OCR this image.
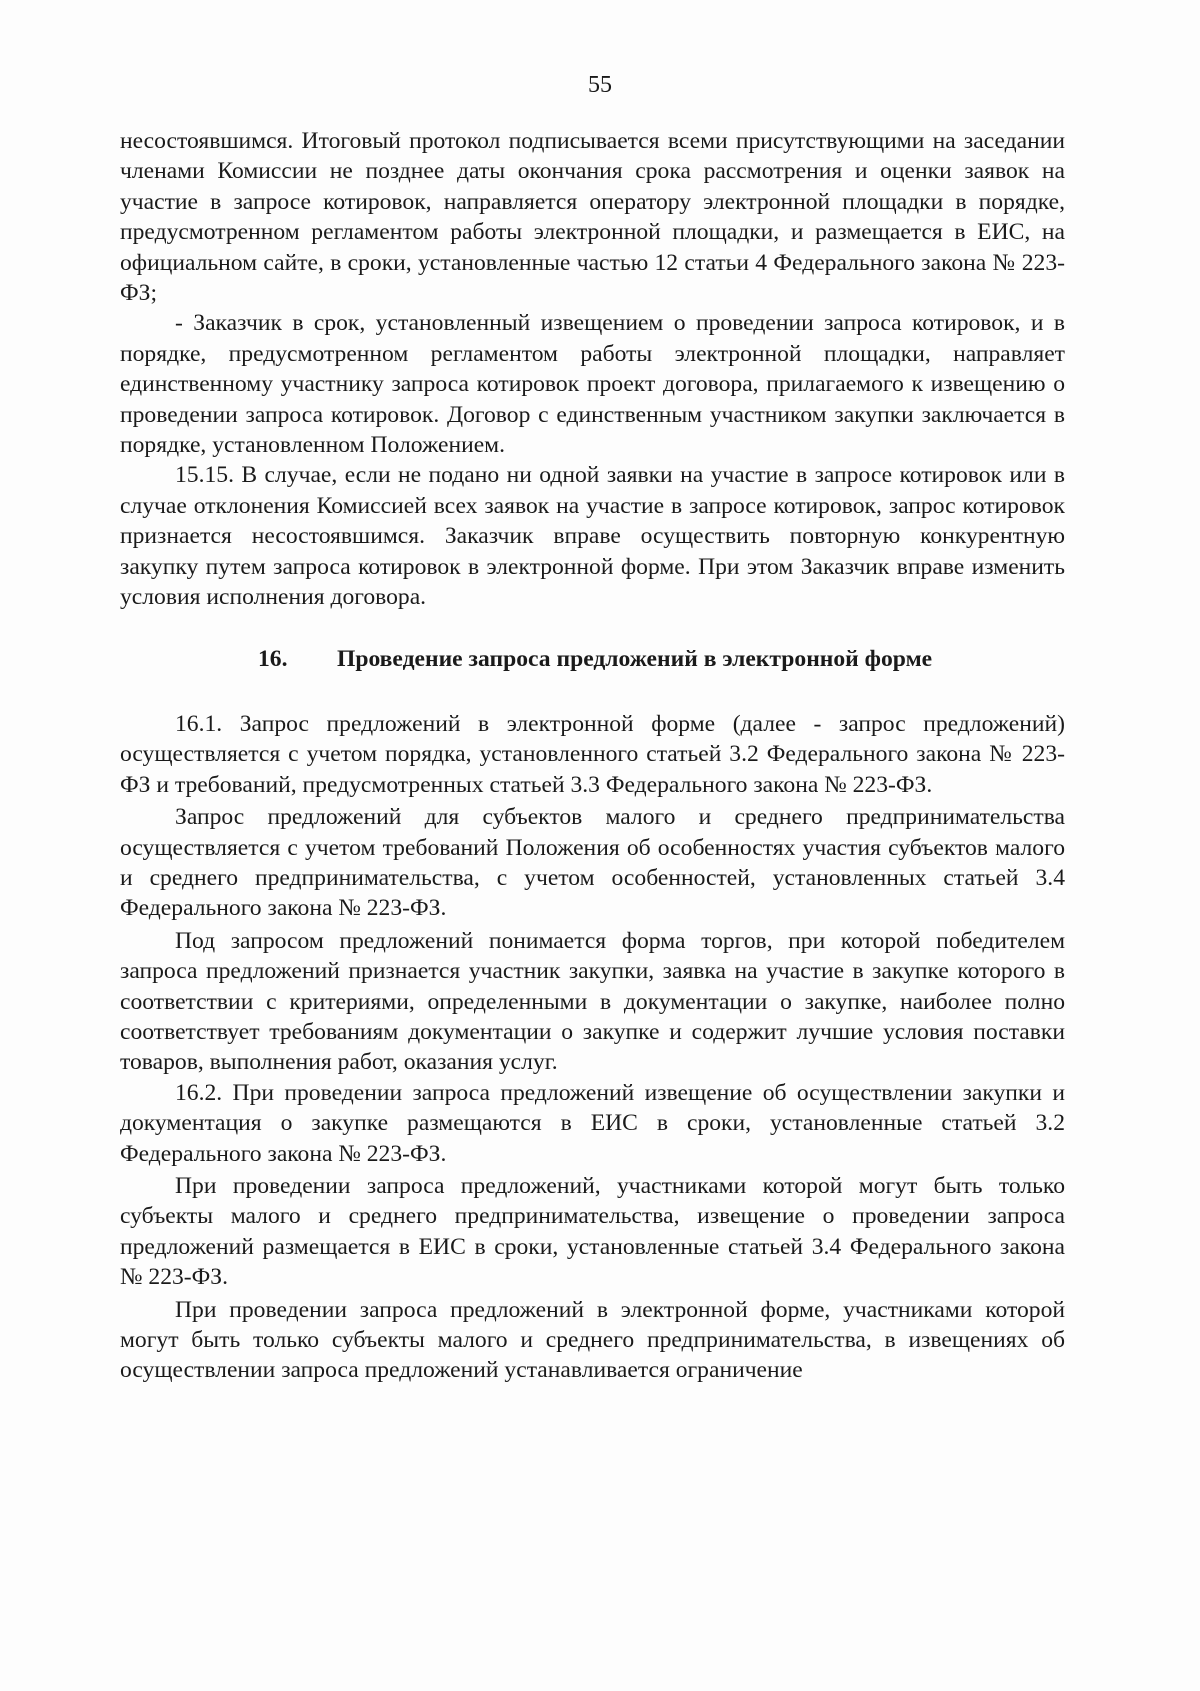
55

несостоявшимся. Итоговый протокол подписывается всеми присутствующими на заседании членами Комиссии не позднее даты окончания срока рассмотрения и оценки заявок на участие в запросе котировок, направляется оператору электронной площадки в порядке, предусмотренном регламентом работы электронной площадки, и размещается в ЕИС, на официальном сайте, в сроки, установленные частью 12 статьи 4 Федерального закона № 223-ФЗ;

- Заказчик в срок, установленный извещением о проведении запроса котировок, и в порядке, предусмотренном регламентом работы электронной площадки, направляет единственному участнику запроса котировок проект договора, прилагаемого к извещению о проведении запроса котировок. Договор с единственным участником закупки заключается в порядке, установленном Положением.

15.15. В случае, если не подано ни одной заявки на участие в запросе котировок или в случае отклонения Комиссией всех заявок на участие в запросе котировок, запрос котировок признается несостоявшимся. Заказчик вправе осуществить повторную конкурентную закупку путем запроса котировок в электронной форме. При этом Заказчик вправе изменить условия исполнения договора.

16.	Проведение запроса предложений в электронной форме

16.1. Запрос предложений в электронной форме (далее - запрос предложений) осуществляется с учетом порядка, установленного статьей 3.2 Федерального закона № 223-ФЗ и требований, предусмотренных статьей 3.3 Федерального закона № 223-ФЗ.

Запрос предложений для субъектов малого и среднего предпринимательства осуществляется с учетом требований Положения об особенностях участия субъектов малого и среднего предпринимательства, с учетом особенностей, установленных статьей 3.4 Федерального закона № 223-ФЗ.

Под запросом предложений понимается форма торгов, при которой победителем запроса предложений признается участник закупки, заявка на участие в закупке которого в соответствии с критериями, определенными в документации о закупке, наиболее полно соответствует требованиям документации о закупке и содержит лучшие условия поставки товаров, выполнения работ, оказания услуг.

16.2. При проведении запроса предложений извещение об осуществлении закупки и документация о закупке размещаются в ЕИС в сроки, установленные статьей 3.2 Федерального закона № 223-ФЗ.

При проведении запроса предложений, участниками которой могут быть только субъекты малого и среднего предпринимательства, извещение о проведении запроса предложений размещается в ЕИС в сроки, установленные статьей 3.4 Федерального закона № 223-ФЗ.

При проведении запроса предложений в электронной форме, участниками которой могут быть только субъекты малого и среднего предпринимательства, в извещениях об осуществлении запроса предложений устанавливается ограничение
